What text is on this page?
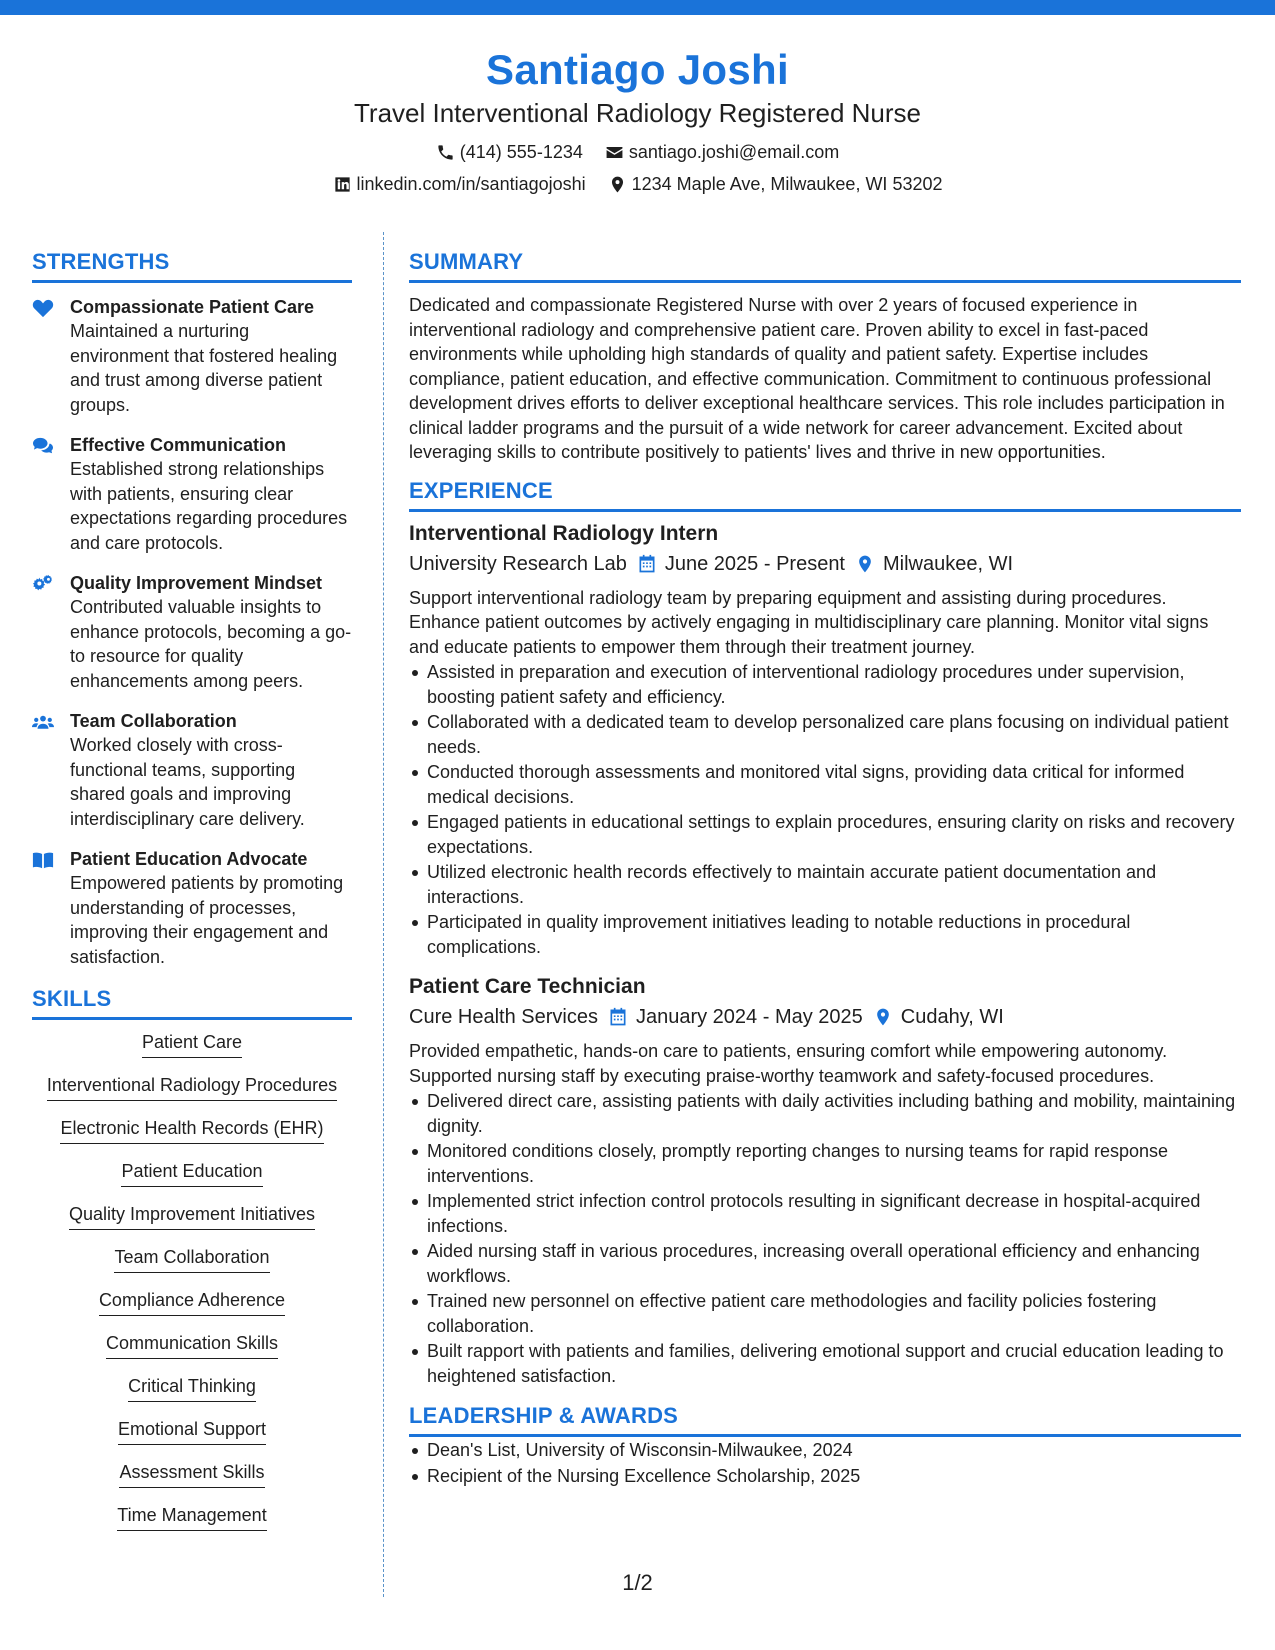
Santiago Joshi
Travel Interventional Radiology Registered Nurse
(414) 555-1234	santiago.joshi@email.com
linkedin.com/in/santiagojoshi	1234 Maple Ave, Milwaukee, WI 53202
STRENGTHS
Compassionate Patient Care
Maintained a nurturing environment that fostered healing and trust among diverse patient groups.
Effective Communication
Established strong relationships with patients, ensuring clear expectations regarding procedures and care protocols.
Quality Improvement Mindset
Contributed valuable insights to enhance protocols, becoming a go-to resource for quality enhancements among peers.
Team Collaboration
Worked closely with cross-functional teams, supporting shared goals and improving interdisciplinary care delivery.
Patient Education Advocate
Empowered patients by promoting understanding of processes, improving their engagement and satisfaction.
SKILLS
Patient Care
Interventional Radiology Procedures
Electronic Health Records (EHR)
Patient Education
Quality Improvement Initiatives
Team Collaboration
Compliance Adherence
Communication Skills
Critical Thinking
Emotional Support
Assessment Skills
Time Management
SUMMARY
Dedicated and compassionate Registered Nurse with over 2 years of focused experience in interventional radiology and comprehensive patient care. Proven ability to excel in fast-paced environments while upholding high standards of quality and patient safety. Expertise includes compliance, patient education, and effective communication. Commitment to continuous professional development drives efforts to deliver exceptional healthcare services. This role includes participation in clinical ladder programs and the pursuit of a wide network for career advancement. Excited about leveraging skills to contribute positively to patients' lives and thrive in new opportunities.
EXPERIENCE
Interventional Radiology Intern
University Research Lab June 2025 - Present Milwaukee, WI
Support interventional radiology team by preparing equipment and assisting during procedures. Enhance patient outcomes by actively engaging in multidisciplinary care planning. Monitor vital signs and educate patients to empower them through their treatment journey.
Assisted in preparation and execution of interventional radiology procedures under supervision, boosting patient safety and efficiency.
Collaborated with a dedicated team to develop personalized care plans focusing on individual patient needs.
Conducted thorough assessments and monitored vital signs, providing data critical for informed medical decisions.
Engaged patients in educational settings to explain procedures, ensuring clarity on risks and recovery expectations.
Utilized electronic health records effectively to maintain accurate patient documentation and interactions.
Participated in quality improvement initiatives leading to notable reductions in procedural complications.
Patient Care Technician
Cure Health Services January 2024 - May 2025 Cudahy, WI
Provided empathetic, hands-on care to patients, ensuring comfort while empowering autonomy. Supported nursing staff by executing praise-worthy teamwork and safety-focused procedures.
Delivered direct care, assisting patients with daily activities including bathing and mobility, maintaining dignity.
Monitored conditions closely, promptly reporting changes to nursing teams for rapid response interventions.
Implemented strict infection control protocols resulting in significant decrease in hospital-acquired infections.
Aided nursing staff in various procedures, increasing overall operational efficiency and enhancing workflows.
Trained new personnel on effective patient care methodologies and facility policies fostering collaboration.
Built rapport with patients and families, delivering emotional support and crucial education leading to heightened satisfaction.
LEADERSHIP & AWARDS
Dean's List, University of Wisconsin-Milwaukee, 2024
Recipient of the Nursing Excellence Scholarship, 2025
1/2
